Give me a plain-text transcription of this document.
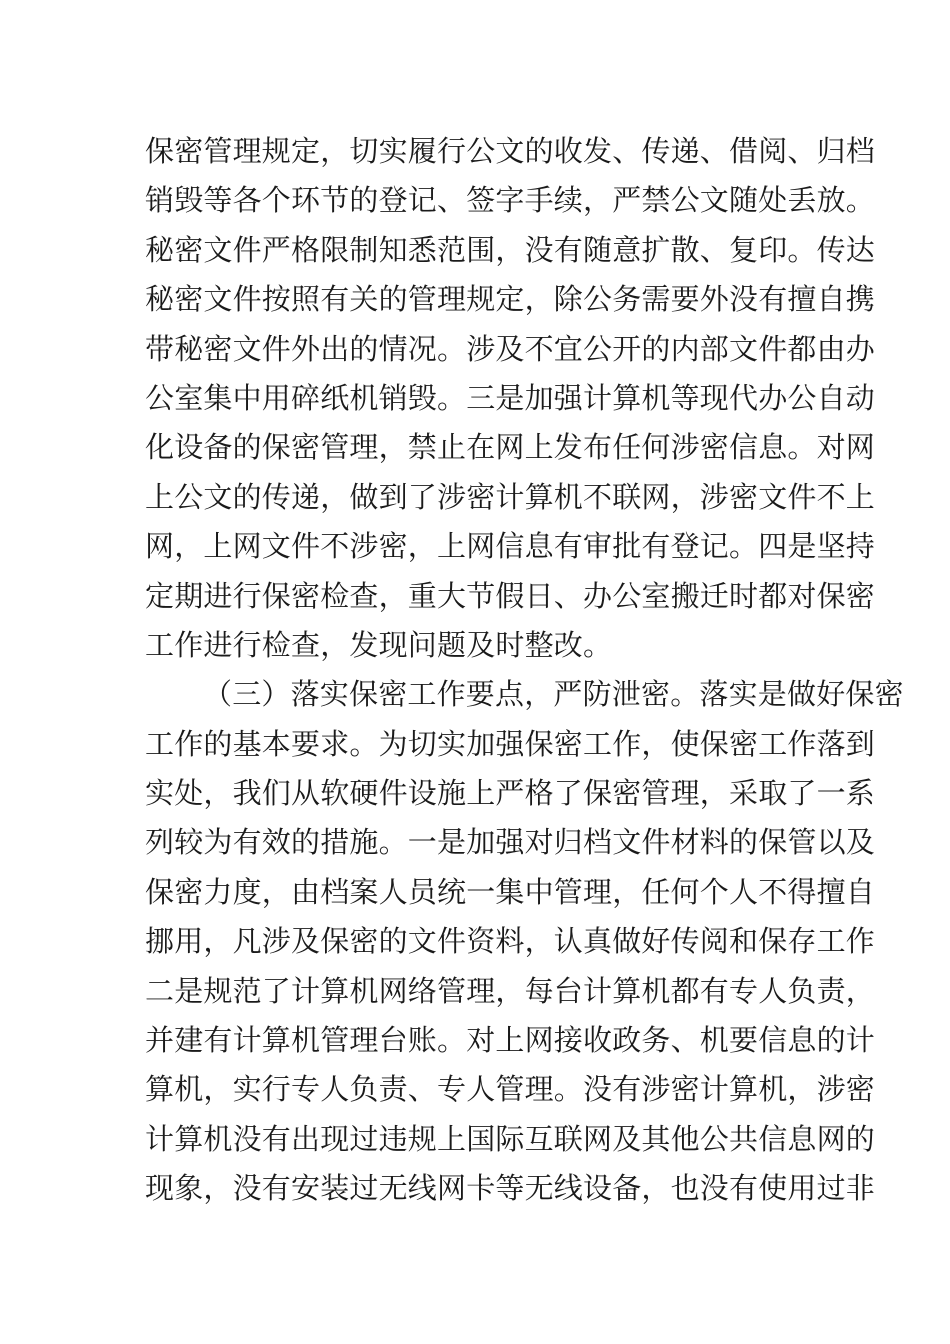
保密管理规定，切实履行公文的收发、传递、借阅、归档
销毁等各个环节的登记、签字手续，严禁公文随处丢放。
秘密文件严格限制知悉范围，没有随意扩散、复印。传达
秘密文件按照有关的管理规定，除公务需要外没有擅自携
带秘密文件外出的情况。涉及不宜公开的内部文件都由办
公室集中用碎纸机销毁。三是加强计算机等现代办公自动
化设备的保密管理，禁止在网上发布任何涉密信息。对网
上公文的传递，做到了涉密计算机不联网，涉密文件不上
网，上网文件不涉密，上网信息有审批有登记。四是坚持
定期进行保密检查，重大节假日、办公室搬迁时都对保密
工作进行检查，发现问题及时整改。
（三）落实保密工作要点，严防泄密。落实是做好保密
工作的基本要求。为切实加强保密工作，使保密工作落到
实处，我们从软硬件设施上严格了保密管理，采取了一系
列较为有效的措施。一是加强对归档文件材料的保管以及
保密力度，由档案人员统一集中管理，任何个人不得擅自
挪用，凡涉及保密的文件资料，认真做好传阅和保存工作
二是规范了计算机网络管理，每台计算机都有专人负责，
并建有计算机管理台账。对上网接收政务、机要信息的计
算机，实行专人负责、专人管理。没有涉密计算机，涉密
计算机没有出现过违规上国际互联网及其他公共信息网的
现象，没有安装过无线网卡等无线设备，也没有使用过非
